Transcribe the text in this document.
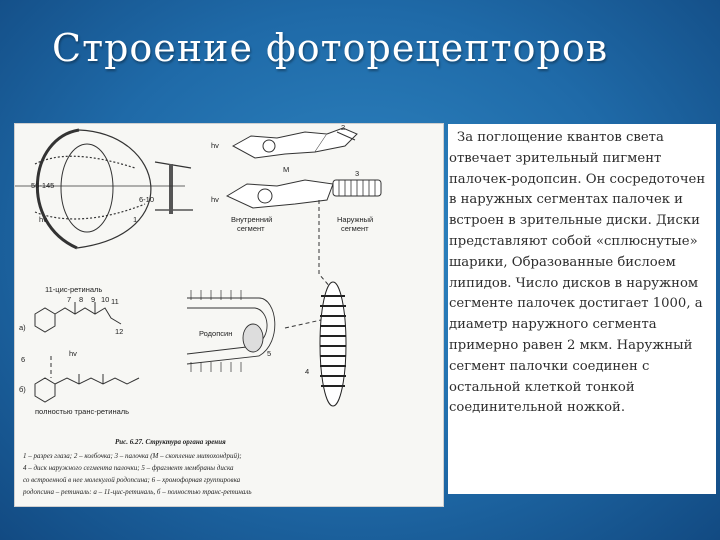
Строение фоторецепторов
56-145
6-10
1
hv
2
hv
M	3
hv
Внутренний
сегмент
Наружный
сегмент
4
Родопсин
5
11-цис-ретиналь
а)
б)
6
hv
полностью транс-ретиналь
7 8 9 10 11
12
Рис. 6.27. Структура органа зрения
1 – разрез глаза; 2 – колбочка; 3 – палочка (М – скопление митохондрий);
4 – диск наружного сегмента палочки; 5 – фрагмент мембраны диска
со встроенной в нее молекулой родопсина; 6 – хромофорная группировка
родопсина – ретиналь: а – 11-цис-ретиналь, б – полностью транс-ретиналь

За поглощение квантов света отвечает зрительный пигмент палочек-родопсин. Он сосредоточен в наружных сегментах палочек и встроен в зрительные диски. Диски представляют собой «сплюснутые» шарики, Образованные бислоем липидов. Число дисков в наружном сегменте палочек достигает 1000, а диаметр наружного сегмента примерно равен 2 мкм. Наружный сегмент палочки соединен с остальной клеткой тонкой соединительной ножкой.
